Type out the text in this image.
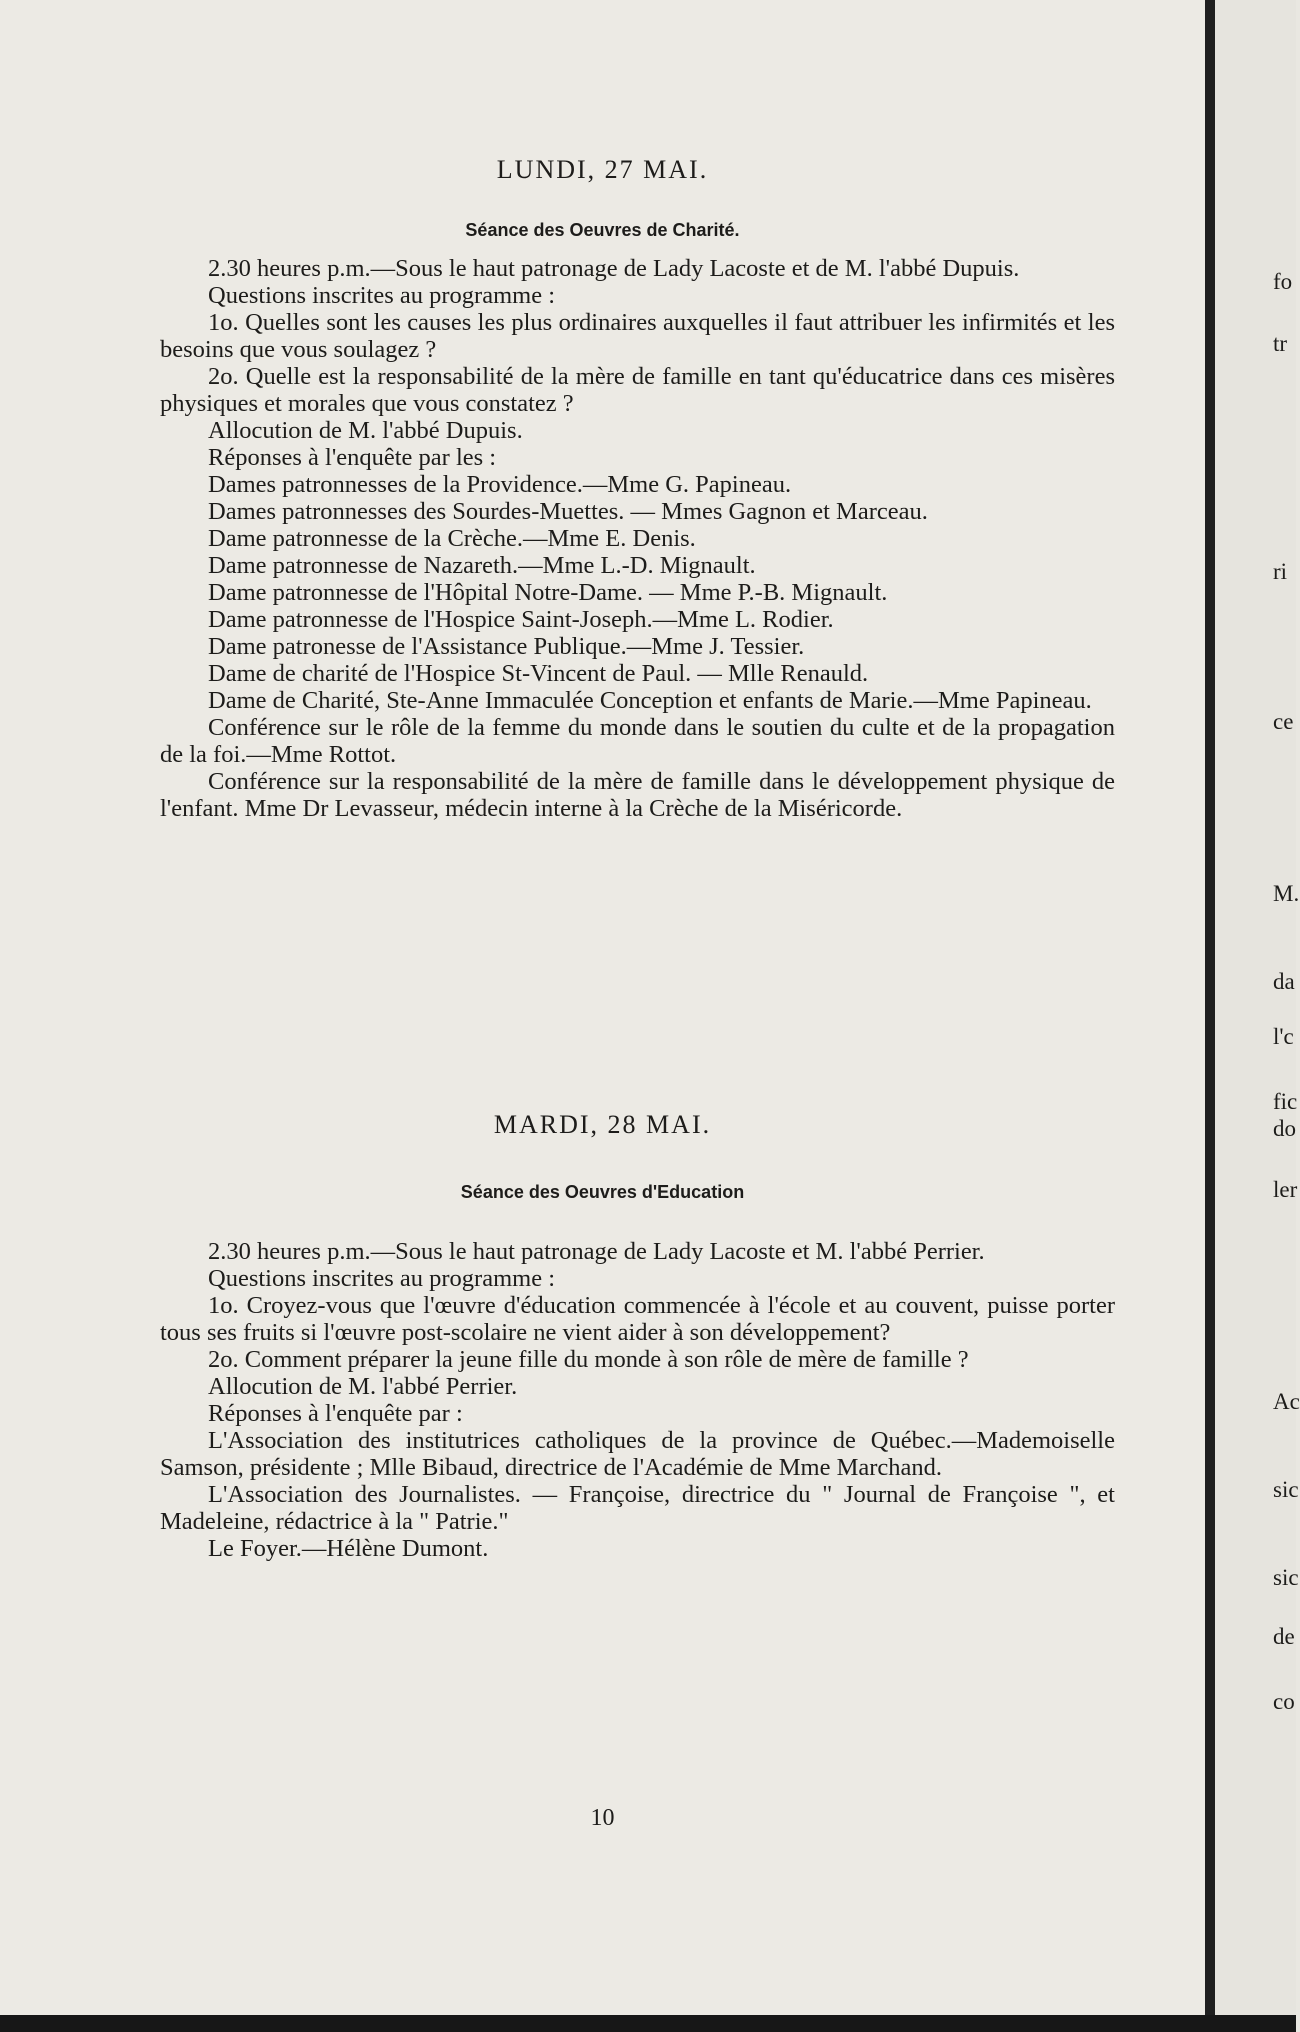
LUNDI, 27 MAI.
Séance des Oeuvres de Charité.

2.30 heures p.m.—Sous le haut patronage de Lady Lacoste et de M. l'abbé Dupuis.

Questions inscrites au programme :

1o. Quelles sont les causes les plus ordinaires auxquelles il faut attribuer les infirmités et les besoins que vous soulagez ?

2o. Quelle est la responsabilité de la mère de famille en tant qu'éducatrice dans ces misères physiques et morales que vous constatez ?

Allocution de M. l'abbé Dupuis.

Réponses à l'enquête par les :

Dames patronnesses de la Providence.—Mme G. Papineau.

Dames patronnesses des Sourdes-Muettes. — Mmes Gagnon et Marceau.

Dame patronnesse de la Crèche.—Mme E. Denis.

Dame patronnesse de Nazareth.—Mme L.-D. Mignault.

Dame patronnesse de l'Hôpital Notre-Dame. — Mme P.-B. Mignault.

Dame patronnesse de l'Hospice Saint-Joseph.—Mme L. Rodier.

Dame patronesse de l'Assistance Publique.—Mme J. Tessier.

Dame de charité de l'Hospice St-Vincent de Paul. — Mlle Renauld.

Dame de Charité, Ste-Anne Immaculée Conception et enfants de Marie.—Mme Papineau.

Conférence sur le rôle de la femme du monde dans le soutien du culte et de la propagation de la foi.—Mme Rottot.

Conférence sur la responsabilité de la mère de famille dans le développement physique de l'enfant. Mme Dr Levasseur, médecin interne à la Crèche de la Miséricorde.

MARDI, 28 MAI.
Séance des Oeuvres d'Education

2.30 heures p.m.—Sous le haut patronage de Lady Lacoste et M. l'abbé Perrier.

Questions inscrites au programme :

1o. Croyez-vous que l'œuvre d'éducation commencée à l'école et au couvent, puisse porter tous ses fruits si l'œuvre post-scolaire ne vient aider à son développement?

2o. Comment préparer la jeune fille du monde à son rôle de mère de famille ?

Allocution de M. l'abbé Perrier.

Réponses à l'enquête par :

L'Association des institutrices catholiques de la province de Québec.—Mademoiselle Samson, présidente ; Mlle Bibaud, directrice de l'Académie de Mme Marchand.

L'Association des Journalistes. — Françoise, directrice du " Journal de Françoise ", et Madeleine, rédactrice à la " Patrie."

Le Foyer.—Hélène Dumont.

10
fo
tr
ri
ce
M.
da
l'c
fic
do
ler
Ac
sic
sic
de
co
